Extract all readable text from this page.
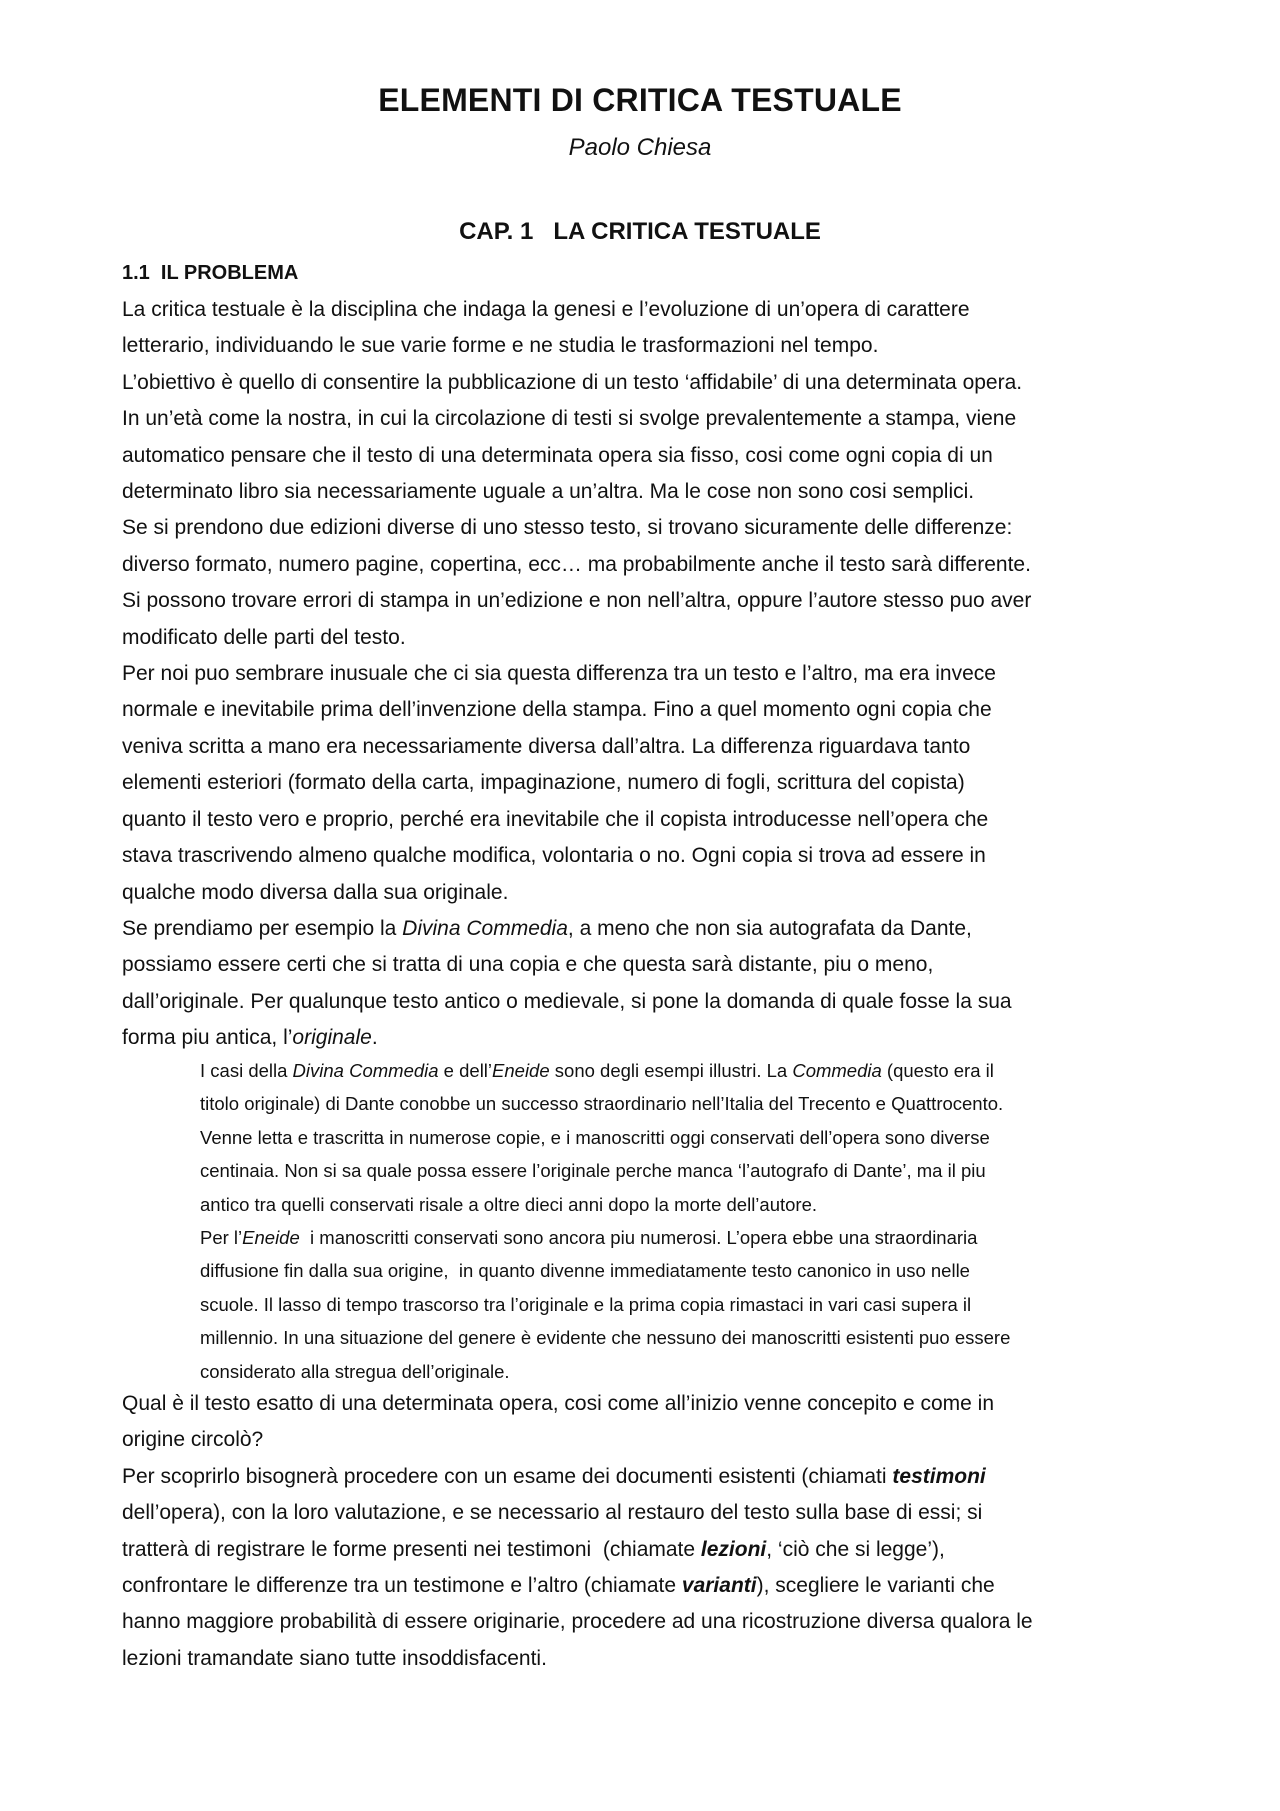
ELEMENTI DI CRITICA TESTUALE
Paolo Chiesa
CAP. 1   LA CRITICA TESTUALE
1.1  IL PROBLEMA
La critica testuale è la disciplina che indaga la genesi e l’evoluzione di un’opera di carattere
letterario, individuando le sue varie forme e ne studia le trasformazioni nel tempo.
L’obiettivo è quello di consentire la pubblicazione di un testo ‘affidabile’ di una determinata opera.
In un’età come la nostra, in cui la circolazione di testi si svolge prevalentemente a stampa, viene
automatico pensare che il testo di una determinata opera sia fisso, cosi come ogni copia di un
determinato libro sia necessariamente uguale a un’altra. Ma le cose non sono cosi semplici.
Se si prendono due edizioni diverse di uno stesso testo, si trovano sicuramente delle differenze:
diverso formato, numero pagine, copertina, ecc… ma probabilmente anche il testo sarà differente.
Si possono trovare errori di stampa in un’edizione e non nell’altra, oppure l’autore stesso puo aver
modificato delle parti del testo.
Per noi puo sembrare inusuale che ci sia questa differenza tra un testo e l’altro, ma era invece
normale e inevitabile prima dell’invenzione della stampa. Fino a quel momento ogni copia che
veniva scritta a mano era necessariamente diversa dall’altra. La differenza riguardava tanto
elementi esteriori (formato della carta, impaginazione, numero di fogli, scrittura del copista)
quanto il testo vero e proprio, perché era inevitabile che il copista introducesse nell’opera che
stava trascrivendo almeno qualche modifica, volontaria o no. Ogni copia si trova ad essere in
qualche modo diversa dalla sua originale.
Se prendiamo per esempio la Divina Commedia, a meno che non sia autografata da Dante,
possiamo essere certi che si tratta di una copia e che questa sarà distante, piu o meno,
dall’originale. Per qualunque testo antico o medievale, si pone la domanda di quale fosse la sua
forma piu antica, l’originale.
I casi della Divina Commedia e dell’Eneide sono degli esempi illustri. La Commedia (questo era il
titolo originale) di Dante conobbe un successo straordinario nell’Italia del Trecento e Quattrocento.
Venne letta e trascritta in numerose copie, e i manoscritti oggi conservati dell’opera sono diverse
centinaia. Non si sa quale possa essere l’originale perche manca ‘l’autografo di Dante’, ma il piu
antico tra quelli conservati risale a oltre dieci anni dopo la morte dell’autore.
Per l’Eneide  i manoscritti conservati sono ancora piu numerosi. L’opera ebbe una straordinaria
diffusione fin dalla sua origine,  in quanto divenne immediatamente testo canonico in uso nelle
scuole. Il lasso di tempo trascorso tra l’originale e la prima copia rimastaci in vari casi supera il
millennio. In una situazione del genere è evidente che nessuno dei manoscritti esistenti puo essere
considerato alla stregua dell’originale.
Qual è il testo esatto di una determinata opera, cosi come all’inizio venne concepito e come in
origine circolò?
Per scoprirlo bisognerà procedere con un esame dei documenti esistenti (chiamati testimoni
dell’opera), con la loro valutazione, e se necessario al restauro del testo sulla base di essi; si
tratterà di registrare le forme presenti nei testimoni  (chiamate lezioni, ‘ciò che si legge’),
confrontare le differenze tra un testimone e l’altro (chiamate varianti), scegliere le varianti che
hanno maggiore probabilità di essere originarie, procedere ad una ricostruzione diversa qualora le
lezioni tramandate siano tutte insoddisfacenti.
